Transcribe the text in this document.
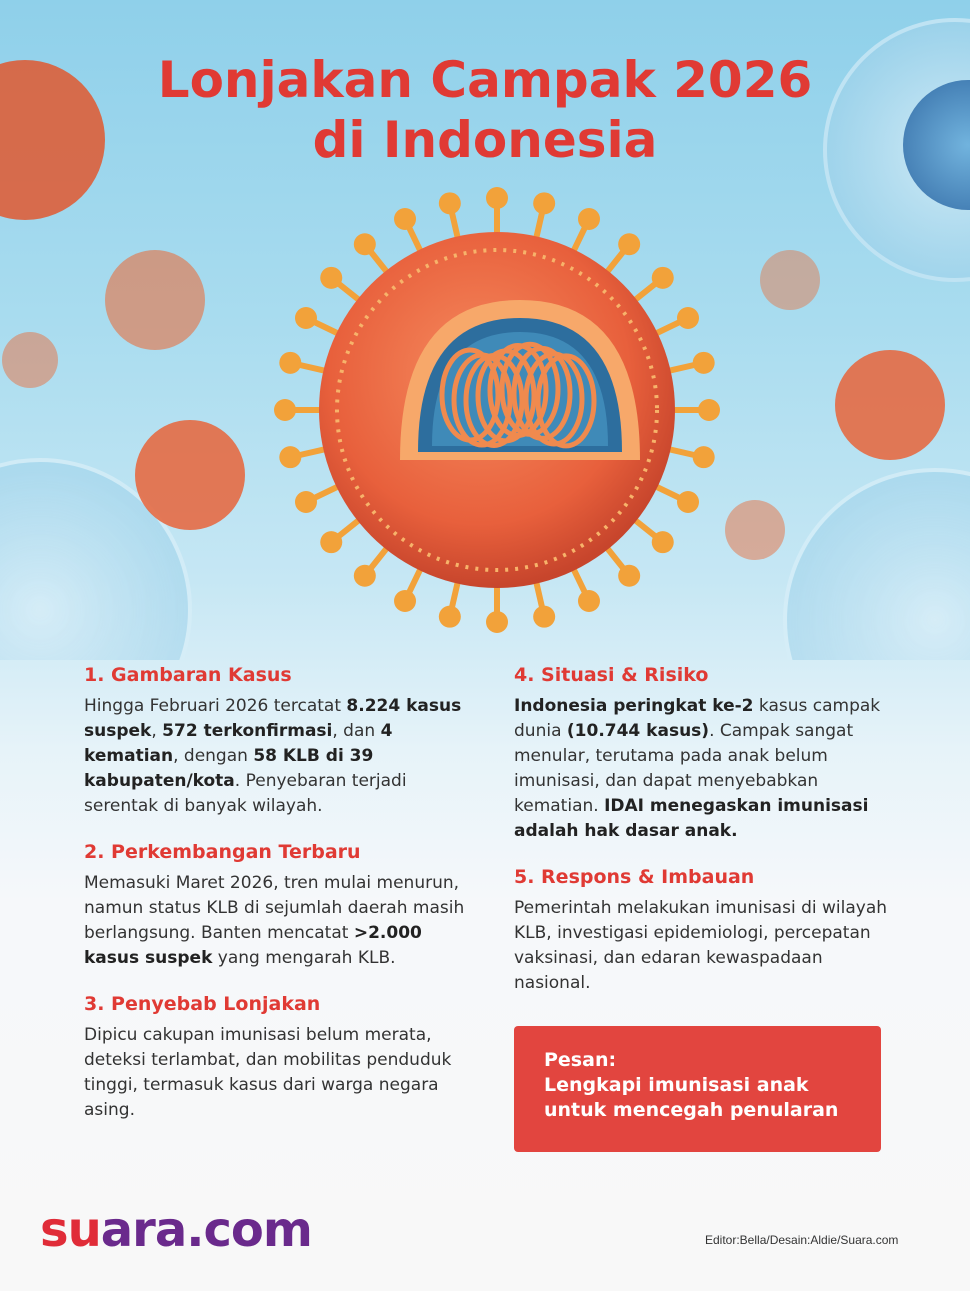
Lonjakan Campak 2026
di Indonesia
1. Gambaran Kasus

Hingga Februari 2026 tercatat 8.224 kasus suspek, 572 terkonfirmasi, dan 4 kematian, dengan 58 KLB di 39 kabupaten/kota. Penyebaran terjadi serentak di banyak wilayah.

2. Perkembangan Terbaru

Memasuki Maret 2026, tren mulai menurun, namun status KLB di sejumlah daerah masih berlangsung. Banten mencatat >2.000 kasus suspek yang mengarah KLB.

3. Penyebab Lonjakan

Dipicu cakupan imunisasi belum merata, deteksi terlambat, dan mobilitas penduduk tinggi, termasuk kasus dari warga negara asing.

4. Situasi & Risiko

Indonesia peringkat ke-2 kasus campak dunia (10.744 kasus). Campak sangat menular, terutama pada anak belum imunisasi, dan dapat menyebabkan kematian. IDAI menegaskan imunisasi adalah hak dasar anak.

5. Respons & Imbauan

Pemerintah melakukan imunisasi di wilayah KLB, investigasi epidemiologi, percepatan vaksinasi, dan edaran kewaspadaan nasional.

Pesan:
Lengkapi imunisasi anak
untuk mencegah penularan
suara.com	Editor:Bella/Desain:Aldie/Suara.com
